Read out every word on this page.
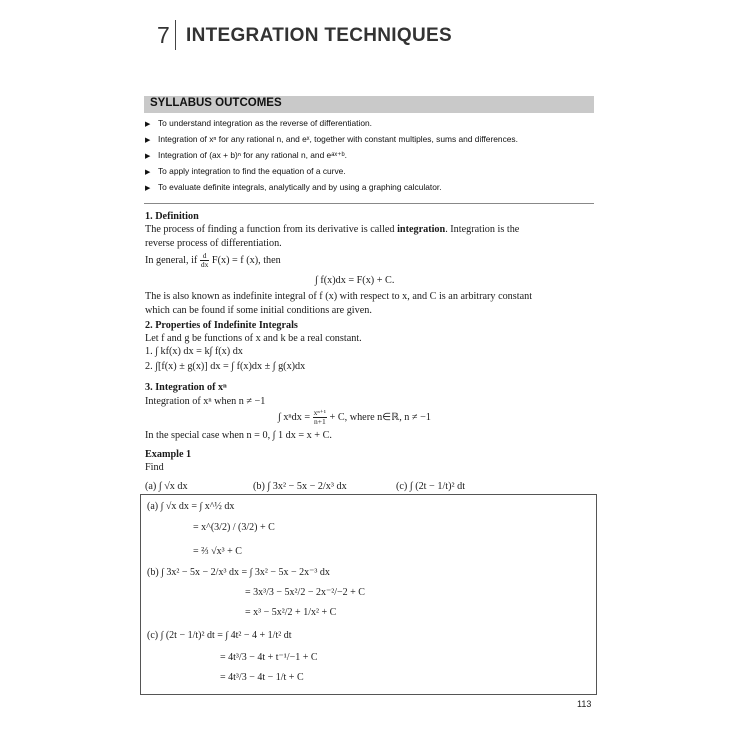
7 INTEGRATION TECHNIQUES
SYLLABUS OUTCOMES
▶ To understand integration as the reverse of differentiation.
▶ Integration of xⁿ for any rational n, and eˣ, together with constant multiples, sums and differences.
▶ Integration of (ax + b)ⁿ for any rational n, and eᵃˣ⁺ᵇ.
▶ To apply integration to find the equation of a curve.
▶ To evaluate definite integrals, analytically and by using a graphing calculator.
1. Definition
The process of finding a function from its derivative is called integration. Integration is the
reverse process of differentiation.
In general, if $\frac{d}{dx} F(x) = f$ (x), then
∫ f(x)dx = F(x) + C.
The is also known as indefinite integral of f (x) with respect to x, and C is an arbitrary constant
which can be found if some initial conditions are given.
2. Properties of Indefinite Integrals
Let f and g be functions of x and k be a real constant.
1. ∫ kf(x) dx = k∫ f(x) dx
2. ∫[f(x) ± g(x)] dx = ∫ f(x)dx ± ∫ g(x)dx
3. Integration of xⁿ
Integration of xⁿ when n ≠ −1
∫ $x^ndx = \frac{\text{xⁿ⁺¹}}{n+1} + C$, where n∈ℝ, n ≠ −1
In the special case when n = 0, ∫ 1 dx = x + C.
Example 1
Find
(a) ∫ √x dx	(b) ∫ 3x² − 5x − 2/x³ dx	(c) ∫ (2t − 1/t)² dt
(a) ∫ √x dx = ∫ x^½ dx
= x^(3/2) / (3/2) + C
= ⅔ √x³ + C
(b) ∫ 3x² − 5x − 2/x³ dx = ∫ 3x² − 5x − 2x⁻³ dx
= 3x³/3 − 5x²/2 − 2x⁻²/−2 + C
= x³ − 5x²/2 + 1/x² + C
(c) ∫ (2t − 1/t)² dt = ∫ 4t² − 4 + 1/t² dt
= 4t³/3 − 4t + t⁻¹/−1 + C
= 4t³/3 − 4t − 1/t + C
113
